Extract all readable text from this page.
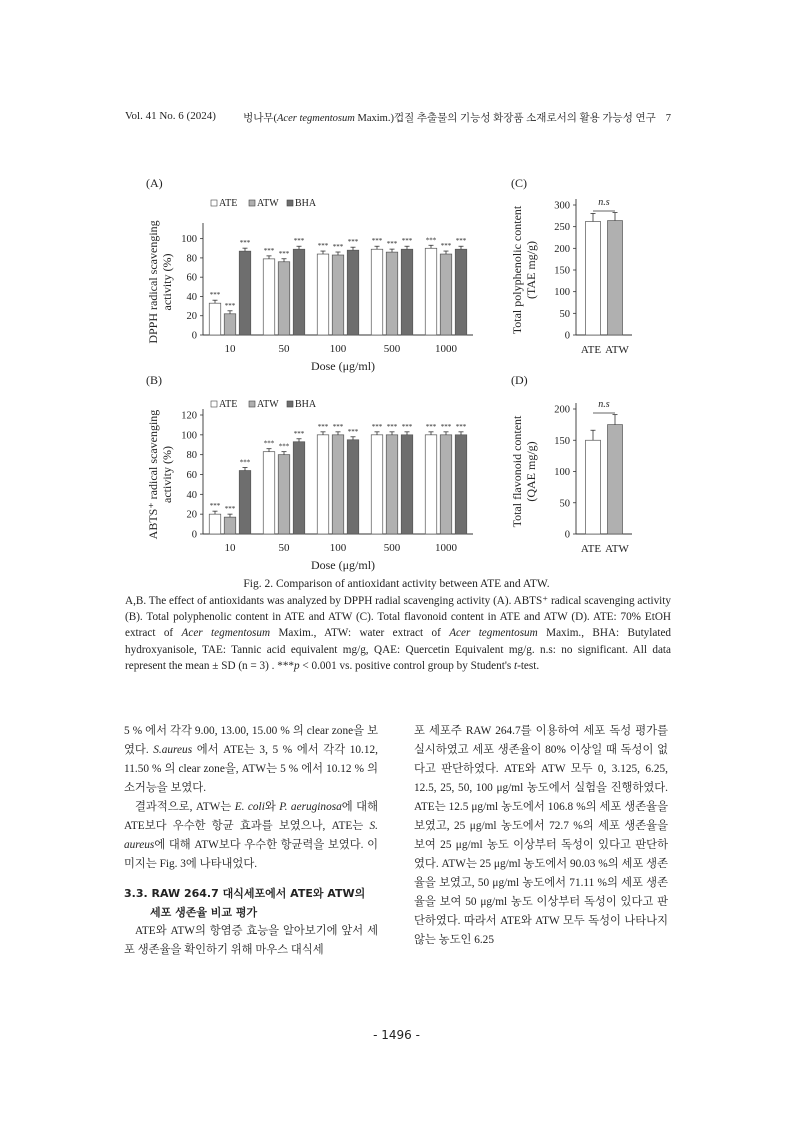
Vol. 41 No. 6 (2024)	벙나무(Acer tegmentosum Maxim.)껍질 추출물의 기능성 화장품 소재로서의 활용 가능성 연구 7
(A)
(B)
(C)
(D)
0
20
40
60
80
100
10
***
***
***
50
*** ***
***
100
*** ***
***
500
*** *** ***
1000
***
***
***
ATE ATW BHA
DPPH radical scavenging activity (%)
Dose (μg/ml)
0
20
40
60
80
100
120
10
*** ***
***
50
*** ***
***
100
*** ***
***
500
*** *** ***
1000
*** *** ***
ATE ATW BHA
ABTS⁺ radical scavenging activity (%)
Dose (μg/ml)
0
50
100
150
200
250
300
ATE ATW
n.s
Total polyphenolic content (TAE mg/g)
0
50
100
150
200
ATE ATW
n.s
Total flavonoid content (QAE mg/g)
Fig. 2. Comparison of antioxidant activity between ATE and ATW.
A,B. The effect of antioxidants was analyzed by DPPH radial scavenging activity (A). ABTS⁺ radical scavenging activity (B). Total polyphenolic content in ATE and ATW (C). Total flavonoid content in ATE and ATW (D). ATE: 70% EtOH extract of Acer tegmentosum Maxim., ATW: water extract of Acer tegmentosum Maxim., BHA: Butylated hydroxyanisole, TAE: Tannic acid equivalent mg/g, QAE: Quercetin Equivalent mg/g. n.s: no significant. All data represent the mean ± SD (n = 3) . ***p < 0.001 vs. positive control group by Student's t-test.

5 % 에서 각각 9.00, 13.00, 15.00 % 의 clear zone을 보였다. S.aureus 에서 ATE는 3, 5 % 에서 각각 10.12, 11.50 % 의 clear zone을, ATW는 5 % 에서 10.12 % 의 소거능을 보였다.

결과적으로, ATW는 E. coli와 P. aeruginosa에 대해 ATE보다 우수한 항균 효과를 보였으나, ATE는 S. aureus에 대해 ATW보다 우수한 항균력을 보였다. 이미지는 Fig. 3에 나타내었다.

3.3. RAW 264.7 대식세포에서 ATE와 ATW의
세포 생존율 비교 평가

ATE와 ATW의 항염증 효능을 알아보기에 앞서 세포 생존율을 확인하기 위해 마우스 대식세

포 세포주 RAW 264.7를 이용하여 세포 독성 평가를 실시하였고 세포 생존율이 80% 이상일 때 독성이 없다고 판단하였다. ATE와 ATW 모두 0, 3.125, 6.25, 12.5, 25, 50, 100 μg/ml 농도에서 실험을 진행하였다. ATE는 12.5 μg/ml 농도에서 106.8 %의 세포 생존율을 보였고, 25 μg/ml 농도에서 72.7 %의 세포 생존율을 보여 25 μg/ml 농도 이상부터 독성이 있다고 판단하였다. ATW는 25 μg/ml 농도에서 90.03 %의 세포 생존율을 보였고, 50 μg/ml 농도에서 71.11 %의 세포 생존율을 보여 50 μg/ml 농도 이상부터 독성이 있다고 판단하였다. 따라서 ATE와 ATW 모두 독성이 나타나지 않는 농도인 6.25

- 1496 -
